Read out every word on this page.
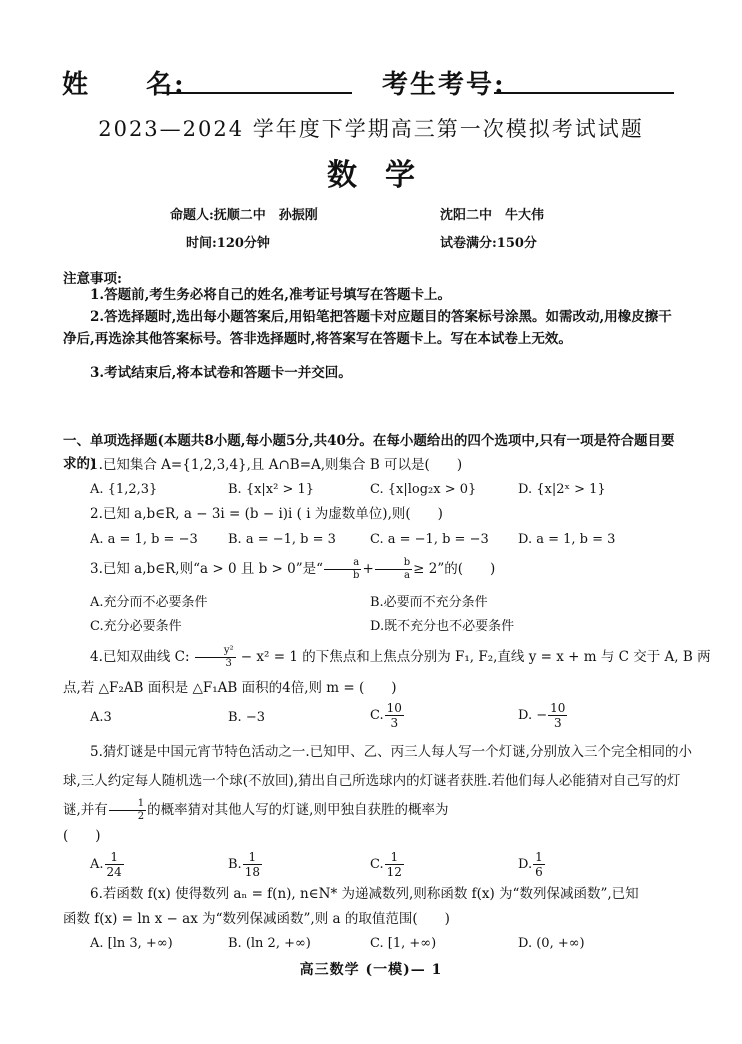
姓　　名:	考生考号:
2023—2024 学年度下学期高三第一次模拟考试试题
数学
命题人:抚顺二中　孙振刚	沈阳二中　牛大伟
时间:120分钟	试卷满分:150分
注意事项:
1.答题前,考生务必将自己的姓名,准考证号填写在答题卡上。
2.答选择题时,选出每小题答案后,用铅笔把答题卡对应题目的答案标号涂黑。如需改动,用橡皮擦干净后,再选涂其他答案标号。答非选择题时,将答案写在答题卡上。写在本试卷上无效。
3.考试结束后,将本试卷和答题卡一并交回。
一、单项选择题(本题共8小题,每小题5分,共40分。在每小题给出的四个选项中,只有一项是符合题目要求的)
1.已知集合 A={1,2,3,4},且 A∩B=A,则集合 B 可以是(　　)
A. {1,2,3}	B. {x|x² > 1}	C. {x|log₂x > 0}	D. {x|2ˣ > 1}
2.已知 a,b∈R, a − 3i = (b − i)i ( i 为虚数单位),则(　　)
A. a = 1, b = −3 B. a = −1, b = 3	C. a = −1, b = −3 D. a = 1, b = 3
3.已知 a,b∈R,则“a > 0 且 b > 0”是“ $\frac{a}{b} + \frac{b}{a} \ge 2$”的(　　)
A.充分而不必要条件	B.必要而不充分条件
C.充分必要条件	D.既不充分也不必要条件
4.已知双曲线 C: $\frac{\text{y²}}{3} - x^2 = 1$ 的下焦点和上焦点分别为 F₁, F₂,直线 y = x + m 与 C 交于 A, B 两
点,若 △F₂AB 面积是 △F₁AB 面积的4倍,则 m = (　　)
A.3	B. −3	C. $\frac{10}{3}$	D. − $\frac{10}{3}$
5.猜灯谜是中国元宵节特色活动之一.已知甲、乙、丙三人每人写一个灯谜,分别放入三个完全相同的小球,三人约定每人随机选一个球(不放回),猜出自己所选球内的灯谜者获胜.若他们每人必能猜对自己写的灯谜,并有 $\frac{1}{2}$ 的概率猜对其他人写的灯谜,则甲独自获胜的概率为
(　　)
A. $\frac{1}{24}$	B. $\frac{1}{18}$	C. $\frac{1}{12}$	D. $\frac{1}{6}$
6.若函数 f(x) 使得数列 aₙ = f(n), n∈N* 为递减数列,则称函数 f(x) 为“数列保减函数”,已知
函数 f(x) = ln x − ax 为“数列保减函数”,则 a 的取值范围(　　)
A. [ln 3, +∞)	B. (ln 2, +∞)	C. [1, +∞)	D. (0, +∞)
高三数学 (一模)— 1
